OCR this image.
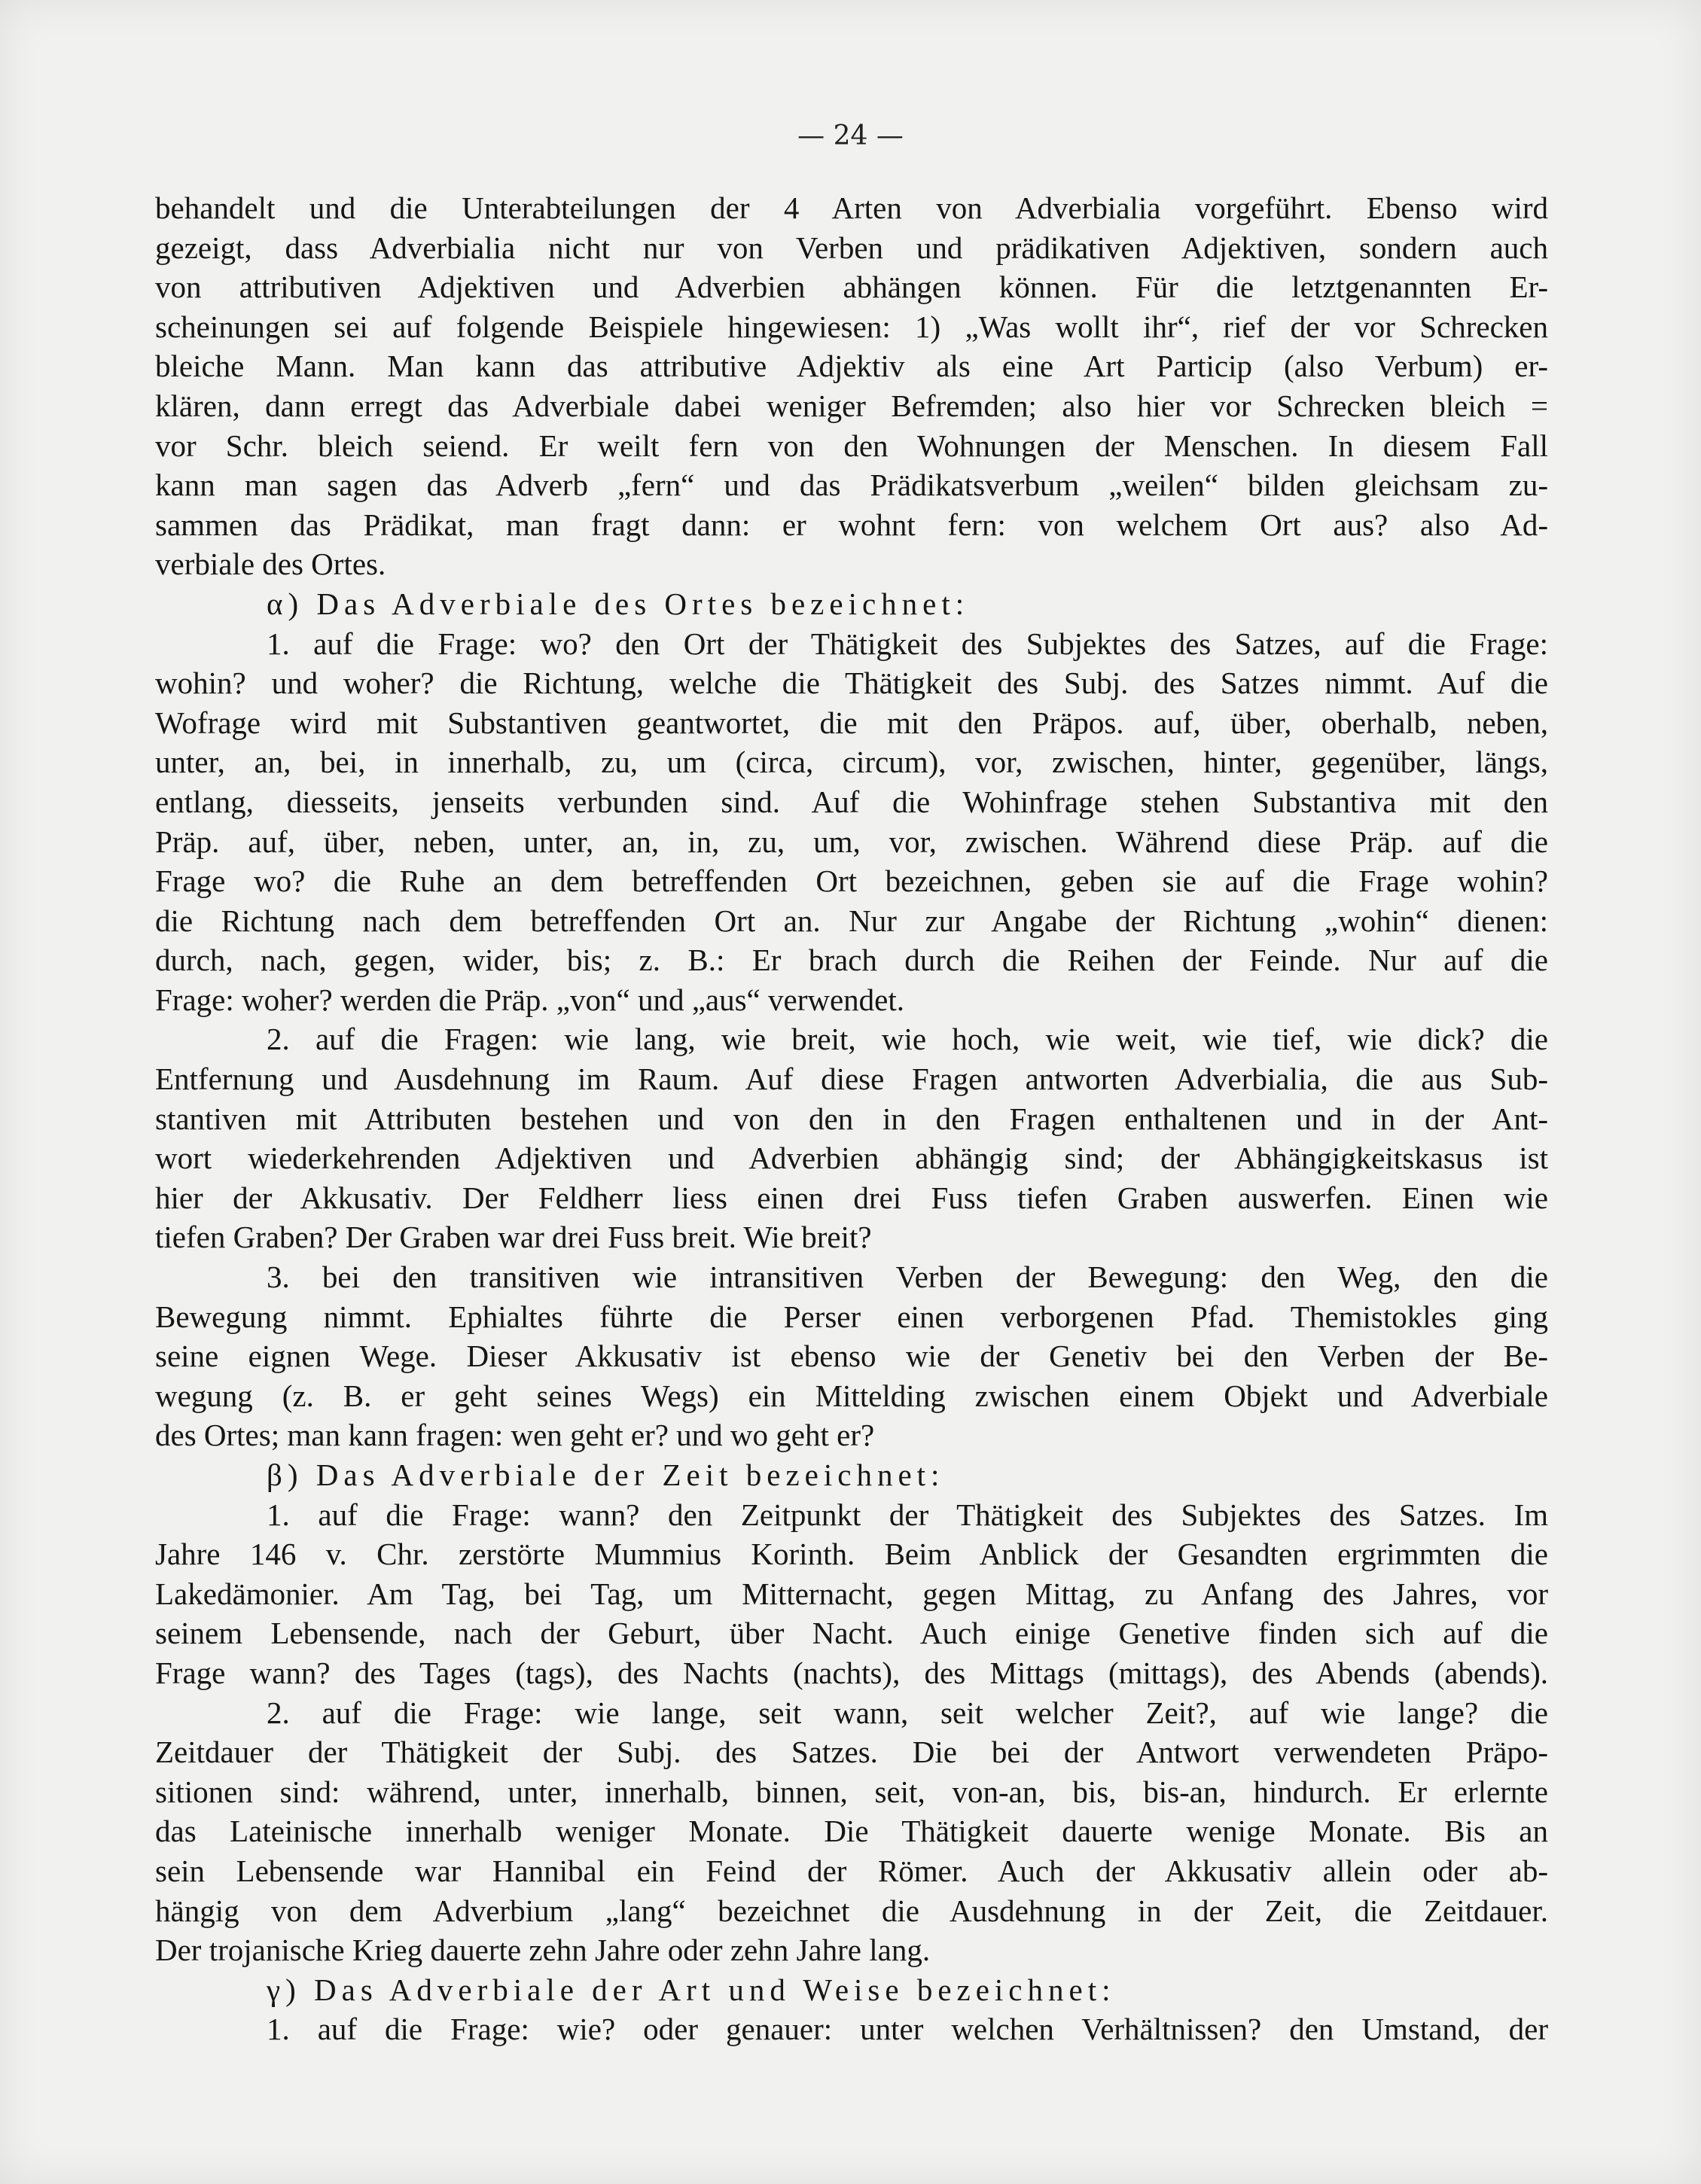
— 24 —
behandelt und die Unterabteilungen der 4 Arten von Adverbialia vorgeführt. Ebenso wird
gezeigt, dass Adverbialia nicht nur von Verben und prädikativen Adjektiven, sondern auch
von attributiven Adjektiven und Adverbien abhängen können. Für die letztgenannten Er-
scheinungen sei auf folgende Beispiele hingewiesen: 1) „Was wollt ihr“, rief der vor Schrecken
bleiche Mann. Man kann das attributive Adjektiv als eine Art Particip (also Verbum) er-
klären, dann erregt das Adverbiale dabei weniger Befremden; also hier vor Schrecken bleich =
vor Schr. bleich seiend. Er weilt fern von den Wohnungen der Menschen. In diesem Fall
kann man sagen das Adverb „fern“ und das Prädikatsverbum „weilen“ bilden gleichsam zu-
sammen das Prädikat, man fragt dann: er wohnt fern: von welchem Ort aus? also Ad-
verbiale des Ortes.
α) Das Adverbiale des Ortes bezeichnet:
1. auf die Frage: wo? den Ort der Thätigkeit des Subjektes des Satzes, auf die Frage:
wohin? und woher? die Richtung, welche die Thätigkeit des Subj. des Satzes nimmt. Auf die
Wofrage wird mit Substantiven geantwortet, die mit den Präpos. auf, über, oberhalb, neben,
unter, an, bei, in innerhalb, zu, um (circa, circum), vor, zwischen, hinter, gegenüber, längs,
entlang, diesseits, jenseits verbunden sind. Auf die Wohinfrage stehen Substantiva mit den
Präp. auf, über, neben, unter, an, in, zu, um, vor, zwischen. Während diese Präp. auf die
Frage wo? die Ruhe an dem betreffenden Ort bezeichnen, geben sie auf die Frage wohin?
die Richtung nach dem betreffenden Ort an. Nur zur Angabe der Richtung „wohin“ dienen:
durch, nach, gegen, wider, bis; z. B.: Er brach durch die Reihen der Feinde. Nur auf die
Frage: woher? werden die Präp. „von“ und „aus“ verwendet.
2. auf die Fragen: wie lang, wie breit, wie hoch, wie weit, wie tief, wie dick? die
Entfernung und Ausdehnung im Raum. Auf diese Fragen antworten Adverbialia, die aus Sub-
stantiven mit Attributen bestehen und von den in den Fragen enthaltenen und in der Ant-
wort wiederkehrenden Adjektiven und Adverbien abhängig sind; der Abhängigkeitskasus ist
hier der Akkusativ. Der Feldherr liess einen drei Fuss tiefen Graben auswerfen. Einen wie
tiefen Graben? Der Graben war drei Fuss breit. Wie breit?
3. bei den transitiven wie intransitiven Verben der Bewegung: den Weg, den die
Bewegung nimmt. Ephialtes führte die Perser einen verborgenen Pfad. Themistokles ging
seine eignen Wege. Dieser Akkusativ ist ebenso wie der Genetiv bei den Verben der Be-
wegung (z. B. er geht seines Wegs) ein Mittelding zwischen einem Objekt und Adverbiale
des Ortes; man kann fragen: wen geht er? und wo geht er?
β) Das Adverbiale der Zeit bezeichnet:
1. auf die Frage: wann? den Zeitpunkt der Thätigkeit des Subjektes des Satzes. Im
Jahre 146 v. Chr. zerstörte Mummius Korinth. Beim Anblick der Gesandten ergrimmten die
Lakedämonier. Am Tag, bei Tag, um Mitternacht, gegen Mittag, zu Anfang des Jahres, vor
seinem Lebensende, nach der Geburt, über Nacht. Auch einige Genetive finden sich auf die
Frage wann? des Tages (tags), des Nachts (nachts), des Mittags (mittags), des Abends (abends).
2. auf die Frage: wie lange, seit wann, seit welcher Zeit?, auf wie lange? die
Zeitdauer der Thätigkeit der Subj. des Satzes. Die bei der Antwort verwendeten Präpo-
sitionen sind: während, unter, innerhalb, binnen, seit, von-an, bis, bis-an, hindurch. Er erlernte
das Lateinische innerhalb weniger Monate. Die Thätigkeit dauerte wenige Monate. Bis an
sein Lebensende war Hannibal ein Feind der Römer. Auch der Akkusativ allein oder ab-
hängig von dem Adverbium „lang“ bezeichnet die Ausdehnung in der Zeit, die Zeitdauer.
Der trojanische Krieg dauerte zehn Jahre oder zehn Jahre lang.
γ) Das Adverbiale der Art und Weise bezeichnet:
1. auf die Frage: wie? oder genauer: unter welchen Verhältnissen? den Umstand, der
